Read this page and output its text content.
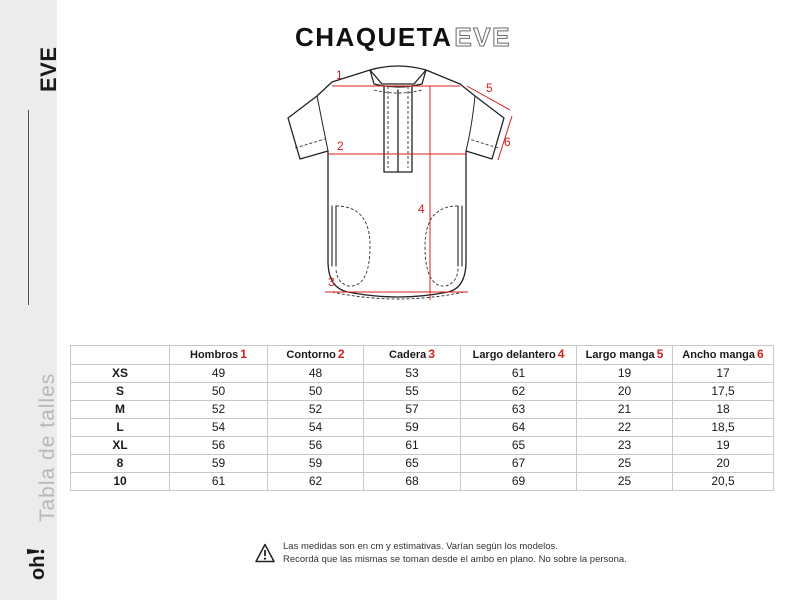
EVE
Tabla de talles
oh
CHAQUETAEVE
1
2
3
4
5
6
	Hombros 1	Contorno 2	Cadera 3	Largo delantero 4	Largo manga 5	Ancho manga 6
XS	49	48	53	61	19	17
S	50	50	55	62	20	17,5
M	52	52	57	63	21	18
L	54	54	59	64	22	18,5
XL	56	56	61	65	23	19
8	59	59	65	67	25	20
10	61	62	68	69	25	20,5
Las medidas son en cm y estimativas. Varían según los modelos.
Recordá que las mismas se toman desde el ambo en plano. No sobre la persona.
